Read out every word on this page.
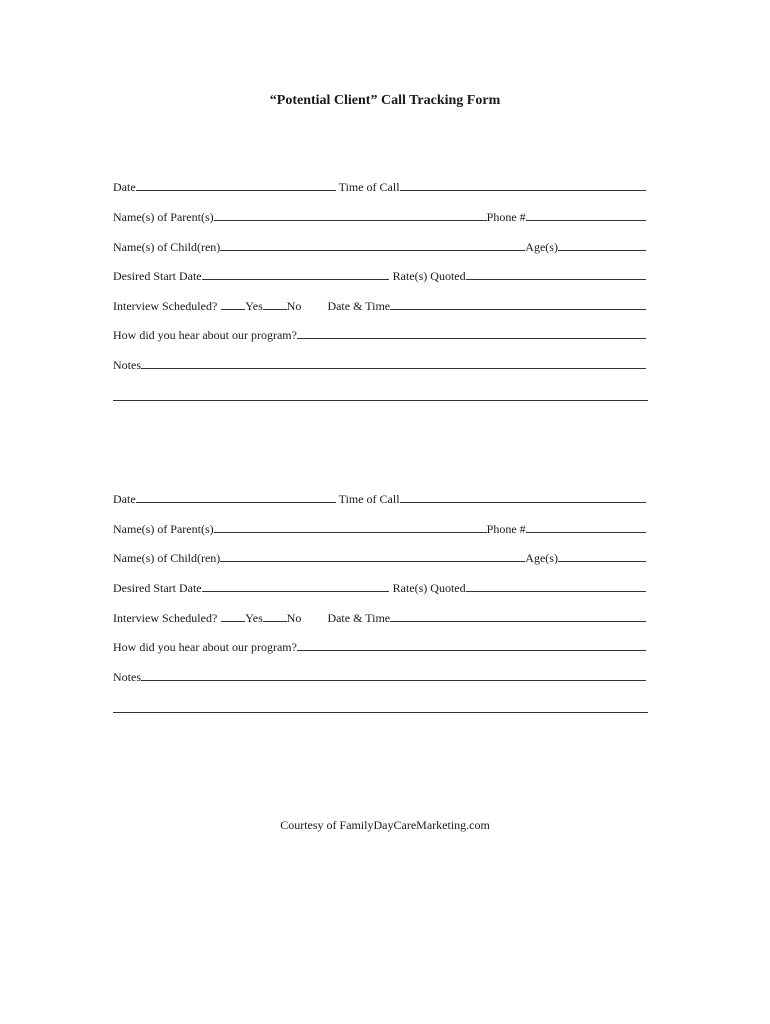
“Potential Client” Call Tracking Form
Date	Time of Call
Name(s) of Parent(s)	Phone #
Name(s) of Child(ren)	Age(s)
Desired Start Date	Rate(s) Quoted
Interview Scheduled? Yes No Date & Time
How did you hear about our program?
Notes
Date	Time of Call
Name(s) of Parent(s)	Phone #
Name(s) of Child(ren)	Age(s)
Desired Start Date	Rate(s) Quoted
Interview Scheduled? Yes No Date & Time
How did you hear about our program?
Notes
Courtesy of FamilyDayCareMarketing.com
